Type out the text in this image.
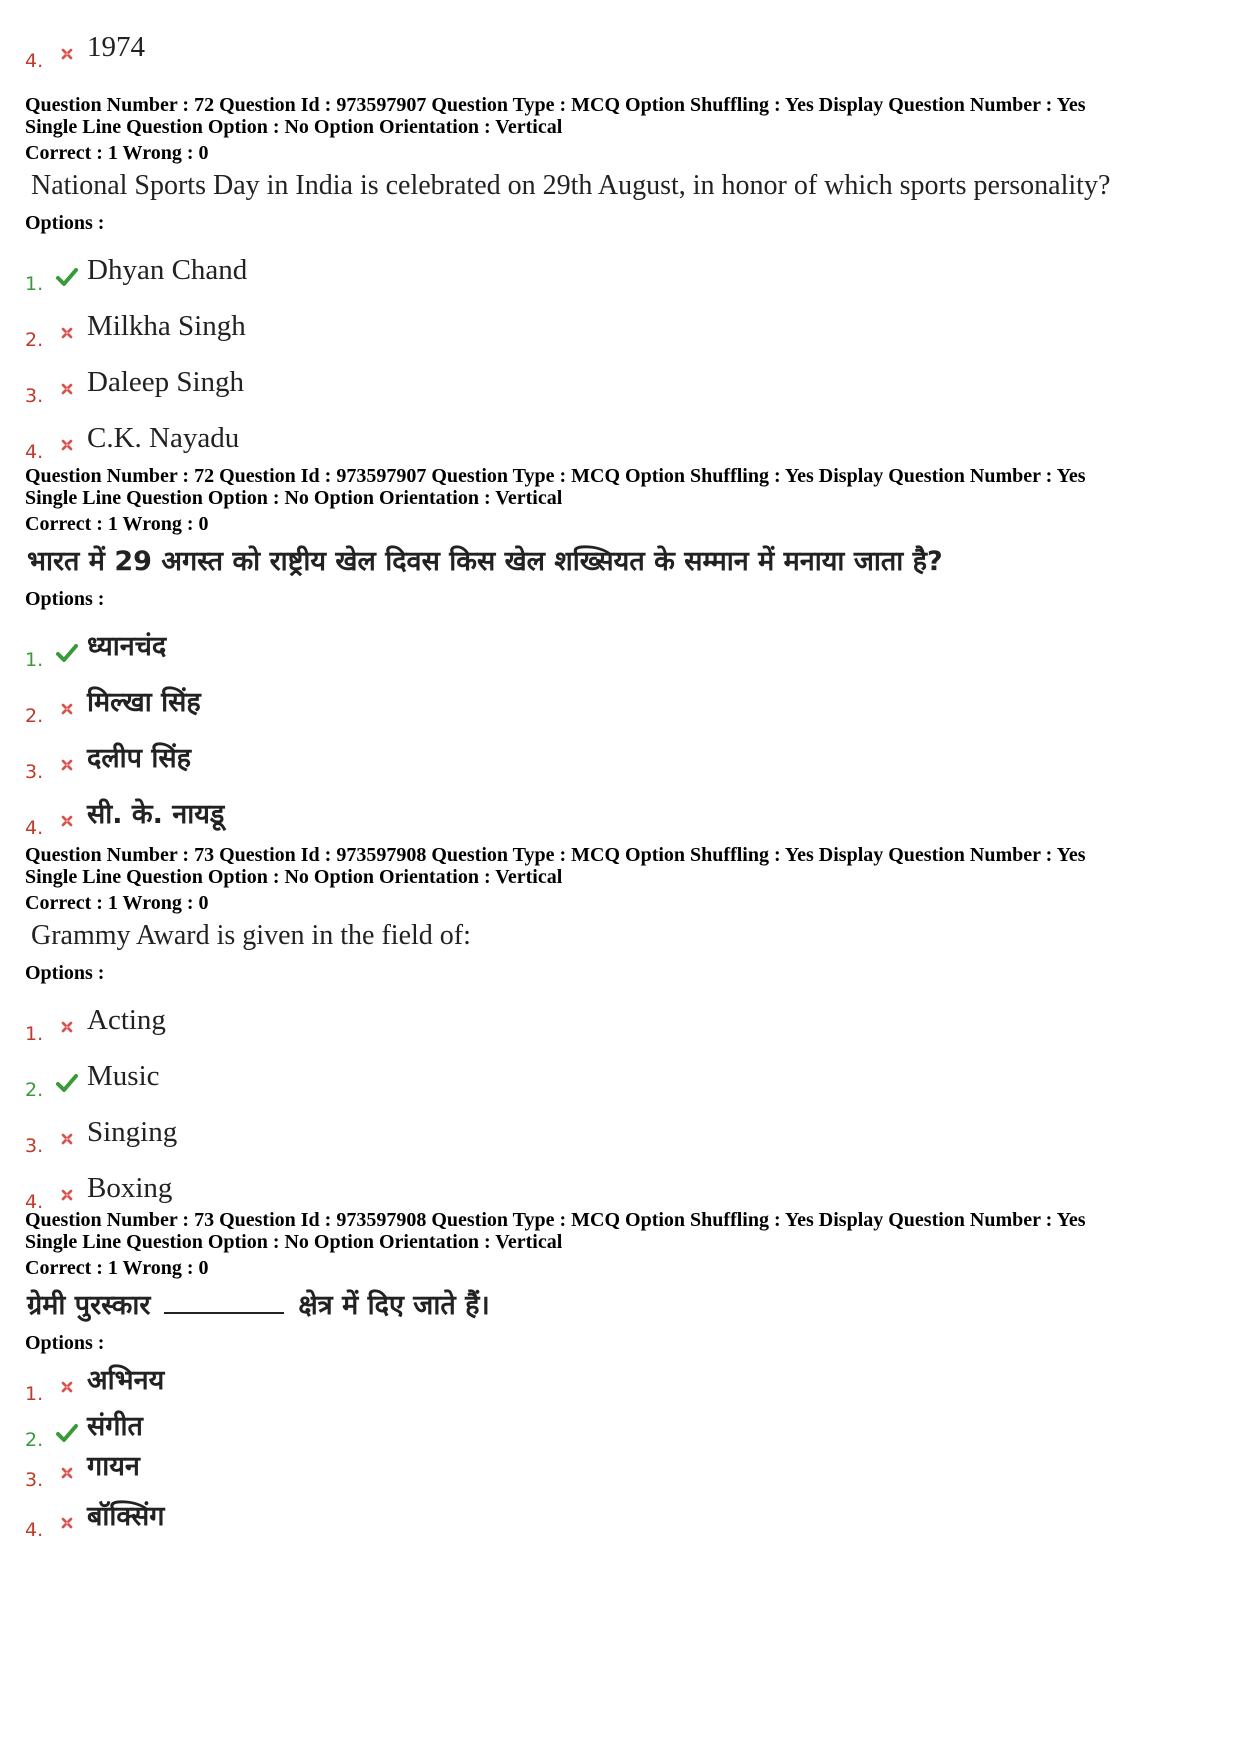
4. 1974
Question Number : 72 Question Id : 973597907 Question Type : MCQ Option Shuffling : Yes Display Question Number : Yes
Single Line Question Option : No Option Orientation : Vertical
Correct : 1 Wrong : 0
National Sports Day in India is celebrated on 29th August, in honor of which sports personality?
Options :
1. Dhyan Chand
2. Milkha Singh
3. Daleep Singh
4. C.K. Nayadu
Question Number : 72 Question Id : 973597907 Question Type : MCQ Option Shuffling : Yes Display Question Number : Yes
Single Line Question Option : No Option Orientation : Vertical
Correct : 1 Wrong : 0
भारत में 29 अगस्त को राष्ट्रीय खेल दिवस किस खेल शख्सियत के सम्मान में मनाया जाता है?
Options :
1. ध्यानचंद
2. मिल्खा सिंह
3. दलीप सिंह
4. सी. के. नायडू
Question Number : 73 Question Id : 973597908 Question Type : MCQ Option Shuffling : Yes Display Question Number : Yes
Single Line Question Option : No Option Orientation : Vertical
Correct : 1 Wrong : 0
Grammy Award is given in the field of:
Options :
1. Acting
2. Music
3. Singing
4. Boxing
Question Number : 73 Question Id : 973597908 Question Type : MCQ Option Shuffling : Yes Display Question Number : Yes
Single Line Question Option : No Option Orientation : Vertical
Correct : 1 Wrong : 0
ग्रेमी पुरस्कार	क्षेत्र में दिए जाते हैं।
Options :
1. अभिनय
2. संगीत
3. गायन
4. बॉक्सिंग
